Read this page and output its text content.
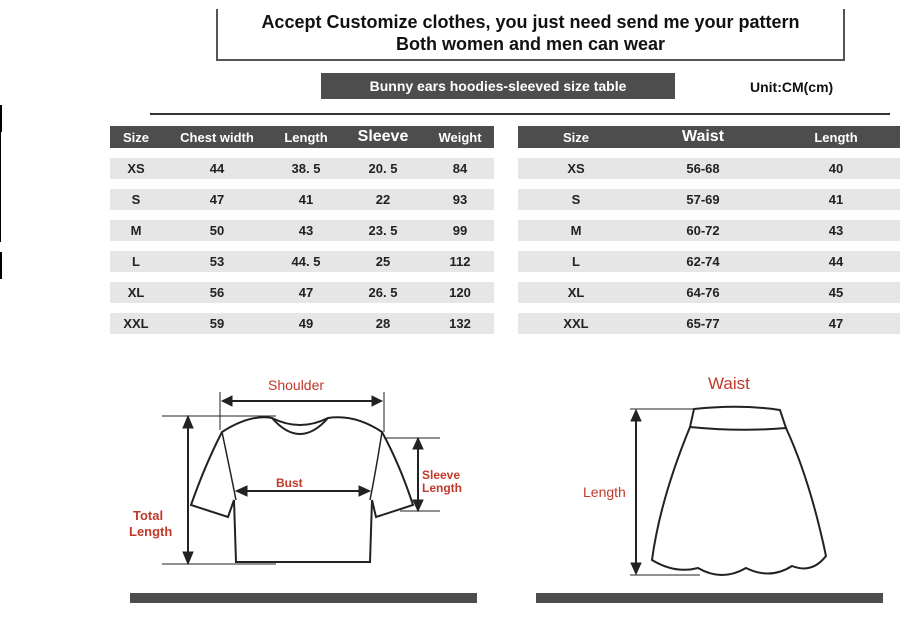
Accept Customize clothes, you just need send me your pattern
Both women and men can wear
Bunny ears hoodies-sleeved size table	Unit:CM(cm)
Size	Chest width	Length	Sleeve	Weight
XS	44	38. 5	20. 5	84
S	47	41	22	93
M	50	43	23. 5	99
L	53	44. 5	25	112
XL	56	47	26. 5	120
XXL	59	49	28	132
Size	Waist	Length
XS	56-68	40
S	57-69	41
M	60-72	43
L	62-74	44
XL	64-76	45
XXL	65-77	47
Shoulder
Bust
Sleeve
Length
Total
Length
Waist
Length
